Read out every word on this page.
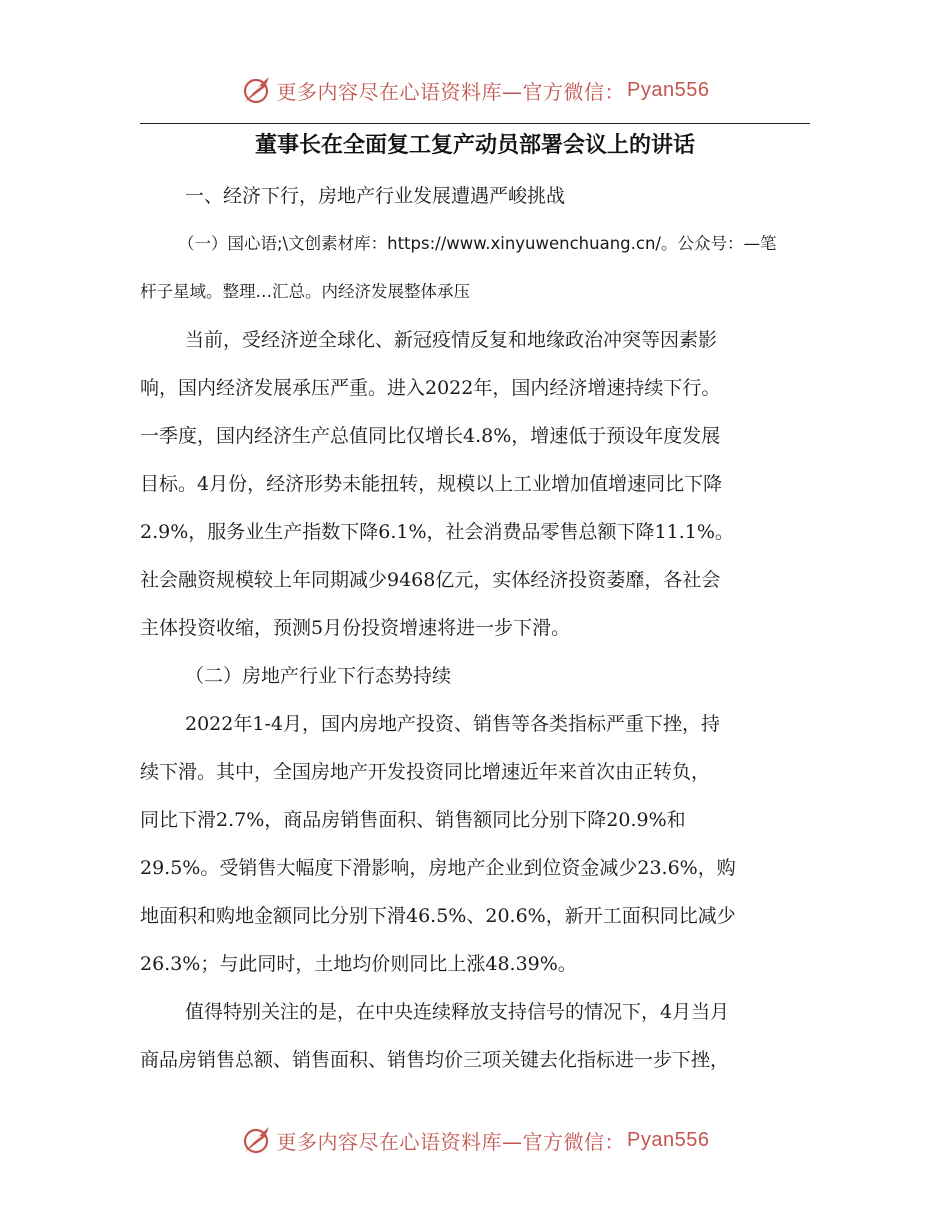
更多内容尽在心语资料库—官方微信： Pyan556
董事长在全面复工复产动员部署会议上的讲话
一、经济下行，房地产行业发展遭遇严峻挑战
（一）国心语;\文创素材库：https://www.xinyuwenchuang.cn/。公众号：—笔
杆子星域。整理…汇总。内经济发展整体承压
当前，受经济逆全球化、新冠疫情反复和地缘政治冲突等因素影
响，国内经济发展承压严重。进入2022年，国内经济增速持续下行。
一季度，国内经济生产总值同比仅增长4.8%，增速低于预设年度发展
目标。4月份，经济形势未能扭转，规模以上工业增加值增速同比下降
2.9%，服务业生产指数下降6.1%，社会消费品零售总额下降11.1%。
社会融资规模较上年同期减少9468亿元，实体经济投资萎靡，各社会
主体投资收缩，预测5月份投资增速将进一步下滑。
（二）房地产行业下行态势持续
2022年1-4月，国内房地产投资、销售等各类指标严重下挫，持
续下滑。其中，全国房地产开发投资同比增速近年来首次由正转负，
同比下滑2.7%，商品房销售面积、销售额同比分别下降20.9%和
29.5%。受销售大幅度下滑影响，房地产企业到位资金减少23.6%，购
地面积和购地金额同比分别下滑46.5%、20.6%，新开工面积同比减少
26.3%；与此同时，土地均价则同比上涨48.39%。
值得特别关注的是，在中央连续释放支持信号的情况下，4月当月
商品房销售总额、销售面积、销售均价三项关键去化指标进一步下挫，
更多内容尽在心语资料库—官方微信： Pyan556
